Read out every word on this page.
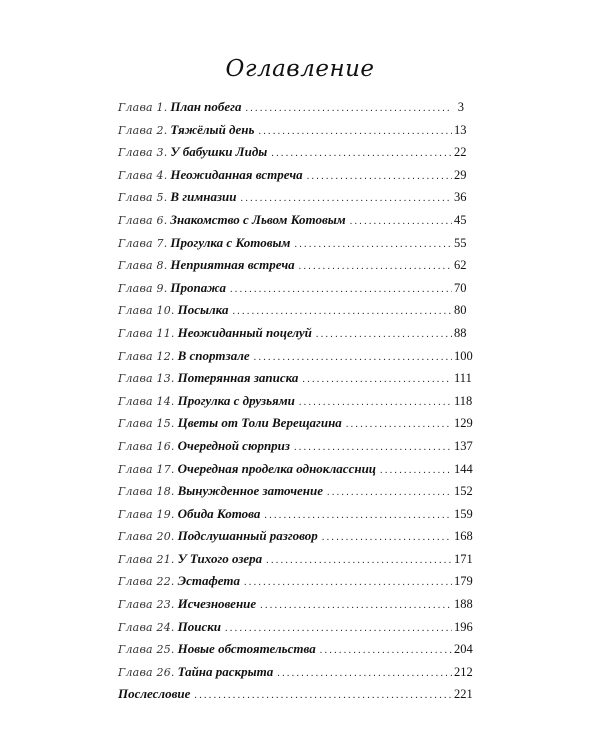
Оглавление
Глава 1. План побега .....	3
Глава 2. Тяжёлый день .....	13
Глава 3. У бабушки Лиды .....	22
Глава 4. Неожиданная встреча .....	29
Глава 5. В гимназии .....	36
Глава 6. Знакомство с Львом Котовым .....	45
Глава 7. Прогулка с Котовым .....	55
Глава 8. Неприятная встреча .....	62
Глава 9. Пропажа .....	70
Глава 10. Посылка .....	80
Глава 11. Неожиданный поцелуй .....	88
Глава 12. В спортзале .....	100
Глава 13. Потерянная записка .....	111
Глава 14. Прогулка с друзьями .....	118
Глава 15. Цветы от Толи Верещагина .....	129
Глава 16. Очередной сюрприз .....	137
Глава 17. Очередная проделка одноклассниц .....	144
Глава 18. Вынужденное заточение .....	152
Глава 19. Обида Котова .....	159
Глава 20. Подслушанный разговор .....	168
Глава 21. У Тихого озера .....	171
Глава 22. Эстафета .....	179
Глава 23. Исчезновение .....	188
Глава 24. Поиски .....	196
Глава 25. Новые обстоятельства .....	204
Глава 26. Тайна раскрыта .....	212
Послесловие .....	221
